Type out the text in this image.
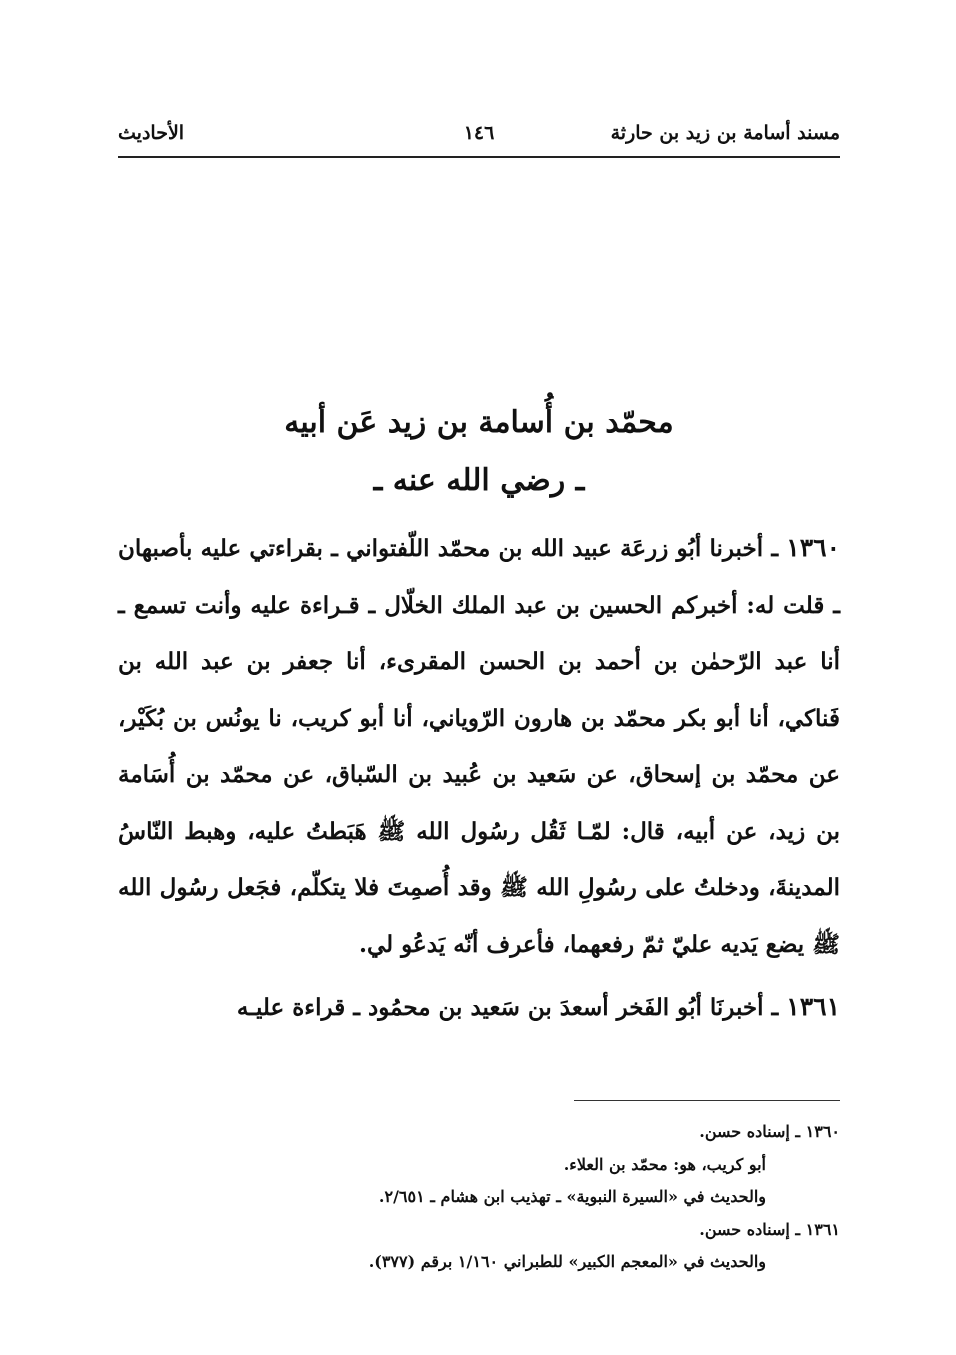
مسند أسامة بن زيد بن حارثة
١٤٦
الأحاديث
محمّد بن أُسامة بن زيد عَن أبيه
ـ رضي الله عنه ـ

١٣٦٠ ـ أخبرنا أبُو زرعَة عبيد الله بن محمّد اللّفتواني ـ بقراءتي عليه بأصبهان ـ قلت له: أخبركم الحسين بن عبد الملك الخلّال ـ قـراءة عليه وأنت تسمع ـ أنا عبد الرّحمٰن بن أحمد بن الحسن المقرىء، أنا جعفر بن عبد الله بن فَناكي، أنا أبو بكر محمّد بن هارون الرّوياني، أنا أبو كريب، نا يونُس بن بُكَيْر، عن محمّد بن إسحاق، عن سَعيد بن عُبيد بن السّباق، عن محمّد بن أُسَامة بن زيد، عن أبيه، قال: لمّـا ثَقُل رسُول الله ﷺ هَبَطتُ عليه، وهبط النّاسُ المدينةَ، ودخلتُ على رسُولِ الله ﷺ وقد أُصمِتَ فلا يتكلّم، فجَعل رسُول الله ﷺ يضع يَديه عليّ ثمّ رفعهما، فأعرف أنّه يَدعُو لي.

١٣٦١ ـ أخبرنَا أبُو الفَخر أسعدَ بن سَعيد بن محمُود ـ قراءة عليـه

١٣٦٠ ـ إسناده حسن.
أبو كريب، هو: محمّد بن العلاء.
والحديث في «السيرة النبوية» ـ تهذيب ابن هشام ـ ٢/٦٥١.
١٣٦١ ـ إسناده حسن.
والحديث في «المعجم الكبير» للطبراني ١/١٦٠ برقم (٣٧٧).
